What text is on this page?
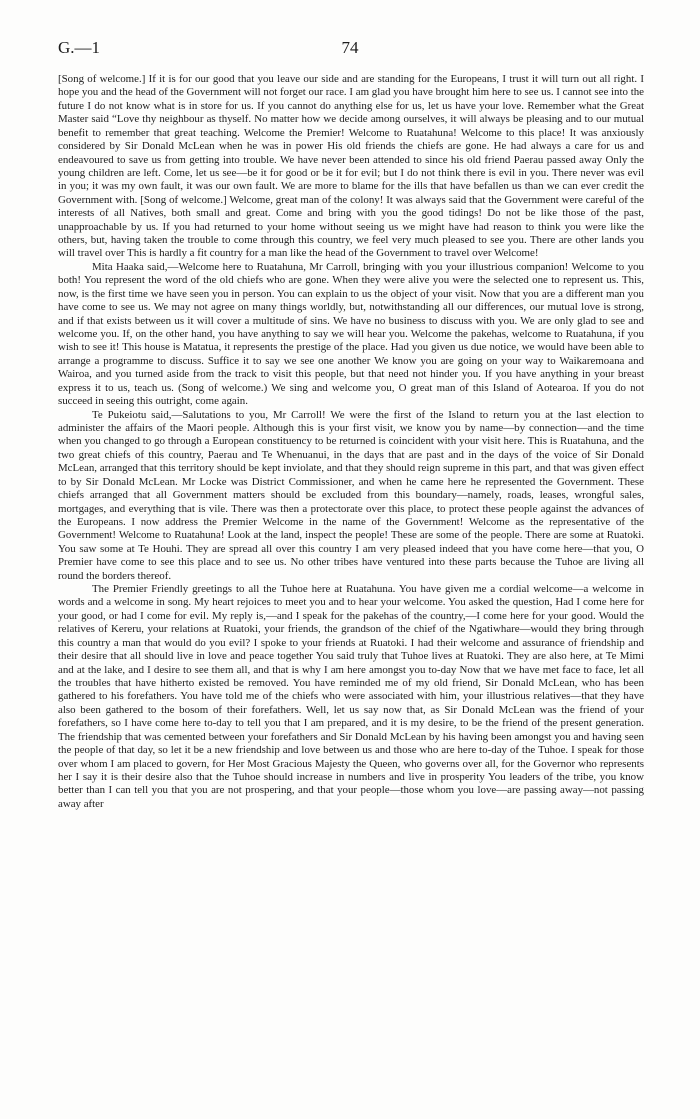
G.—1	74

[Song of welcome.] If it is for our good that you leave our side and are standing for the Europeans, I trust it will turn out all right. I hope you and the head of the Government will not forget our race. I am glad you have brought him here to see us. I cannot see into the future I do not know what is in store for us. If you cannot do anything else for us, let us have your love. Remember what the Great Master said “Love thy neighbour as thyself. No matter how we decide among ourselves, it will always be pleasing and to our mutual benefit to remember that great teaching. Welcome the Premier! Welcome to Ruatahuna! Welcome to this place! It was anxiously considered by Sir Donald McLean when he was in power His old friends the chiefs are gone. He had always a care for us and endeavoured to save us from getting into trouble. We have never been attended to since his old friend Paerau passed away Only the young children are left. Come, let us see—be it for good or be it for evil; but I do not think there is evil in you. There never was evil in you; it was my own fault, it was our own fault. We are more to blame for the ills that have befallen us than we can ever credit the Government with. [Song of welcome.] Welcome, great man of the colony! It was always said that the Government were careful of the interests of all Natives, both small and great. Come and bring with you the good tidings! Do not be like those of the past, unapproachable by us. If you had returned to your home without seeing us we might have had reason to think you were like the others, but, having taken the trouble to come through this country, we feel very much pleased to see you. There are other lands you will travel over This is hardly a fit country for a man like the head of the Government to travel over Welcome!

Mita Haaka said,—Welcome here to Ruatahuna, Mr Carroll, bringing with you your illustrious companion! Welcome to you both! You represent the word of the old chiefs who are gone. When they were alive you were the selected one to represent us. This, now, is the first time we have seen you in person. You can explain to us the object of your visit. Now that you are a different man you have come to see us. We may not agree on many things worldly, but, notwithstanding all our differences, our mutual love is strong, and if that exists between us it will cover a multitude of sins. We have no business to discuss with you. We are only glad to see and welcome you. If, on the other hand, you have anything to say we will hear you. Welcome the pakehas, welcome to Ruatahuna, if you wish to see it! This house is Matatua, it represents the prestige of the place. Had you given us due notice, we would have been able to arrange a programme to discuss. Suffice it to say we see one another We know you are going on your way to Waikaremoana and Wairoa, and you turned aside from the track to visit this people, but that need not hinder you. If you have anything in your breast express it to us, teach us. (Song of welcome.) We sing and welcome you, O great man of this Island of Aotearoa. If you do not succeed in seeing this outright, come again.

Te Pukeiotu said,—Salutations to you, Mr Carroll! We were the first of the Island to return you at the last election to administer the affairs of the Maori people. Although this is your first visit, we know you by name—by connection—and the time when you changed to go through a European constituency to be returned is coincident with your visit here. This is Ruatahuna, and the two great chiefs of this country, Paerau and Te Whenuanui, in the days that are past and in the days of the voice of Sir Donald McLean, arranged that this territory should be kept inviolate, and that they should reign supreme in this part, and that was given effect to by Sir Donald McLean. Mr Locke was District Commissioner, and when he came here he represented the Government. These chiefs arranged that all Government matters should be excluded from this boundary—namely, roads, leases, wrongful sales, mortgages, and everything that is vile. There was then a protectorate over this place, to protect these people against the advances of the Europeans. I now address the Premier Welcome in the name of the Government! Welcome as the representative of the Government! Welcome to Ruatahuna! Look at the land, inspect the people! These are some of the people. There are some at Ruatoki. You saw some at Te Houhi. They are spread all over this country I am very pleased indeed that you have come here—that you, O Premier have come to see this place and to see us. No other tribes have ventured into these parts because the Tuhoe are living all round the borders thereof.

The Premier Friendly greetings to all the Tuhoe here at Ruatahuna. You have given me a cordial welcome—a welcome in words and a welcome in song. My heart rejoices to meet you and to hear your welcome. You asked the question, Had I come here for your good, or had I come for evil. My reply is,—and I speak for the pakehas of the country,—I come here for your good. Would the relatives of Kereru, your relations at Ruatoki, your friends, the grandson of the chief of the Ngatiwhare—would they bring through this country a man that would do you evil? I spoke to your friends at Ruatoki. I had their welcome and assurance of friendship and their desire that all should live in love and peace together You said truly that Tuhoe lives at Ruatoki. They are also here, at Te Mimi and at the lake, and I desire to see them all, and that is why I am here amongst you to-day Now that we have met face to face, let all the troubles that have hitherto existed be removed. You have reminded me of my old friend, Sir Donald McLean, who has been gathered to his forefathers. You have told me of the chiefs who were associated with him, your illustrious relatives—that they have also been gathered to the bosom of their forefathers. Well, let us say now that, as Sir Donald McLean was the friend of your forefathers, so I have come here to-day to tell you that I am prepared, and it is my desire, to be the friend of the present generation. The friendship that was cemented between your forefathers and Sir Donald McLean by his having been amongst you and having seen the people of that day, so let it be a new friendship and love between us and those who are here to-day of the Tuhoe. I speak for those over whom I am placed to govern, for Her Most Gracious Majesty the Queen, who governs over all, for the Governor who represents her I say it is their desire also that the Tuhoe should increase in numbers and live in prosperity You leaders of the tribe, you know better than I can tell you that you are not prospering, and that your people—those whom you love—are passing away—not passing away after
